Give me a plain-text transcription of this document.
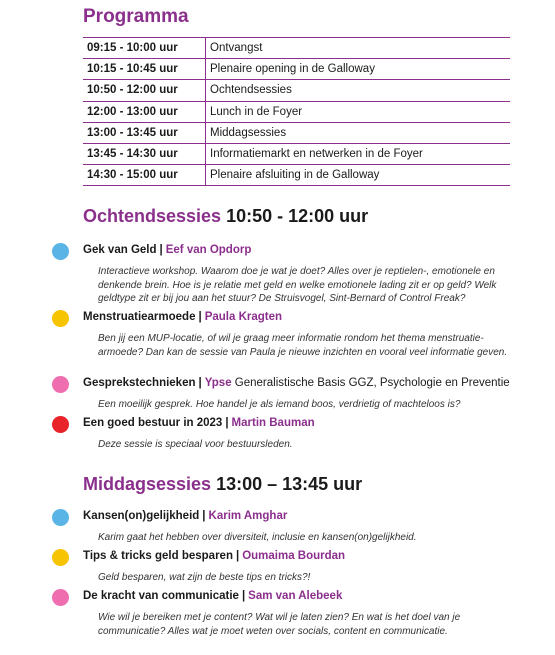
Programma
09:15 - 10:00 uur	Ontvangst
10:15 - 10:45 uur	Plenaire opening in de Galloway
10:50 - 12:00 uur	Ochtendsessies
12:00 - 13:00 uur	Lunch in de Foyer
13:00 - 13:45 uur	Middagsessies
13:45 - 14:30 uur	Informatiemarkt en netwerken in de Foyer
14:30 - 15:00 uur	Plenaire afsluiting in de Galloway
Ochtendsessies 10:50 - 12:00 uur
Gek van Geld | Eef van Opdorp
Interactieve workshop. Waarom doe je wat je doet? Alles over je reptielen-, emotionele en denkende brein. Hoe is je relatie met geld en welke emotionele lading zit er op geld? Welk geldtype zit er bij jou aan het stuur? De Struisvogel, Sint-Bernard of Control Freak?
Menstruatiearmoede | Paula Kragten
Ben jij een MUP-locatie, of wil je graag meer informatie rondom het thema menstruatie-armoede? Dan kan de sessie van Paula je nieuwe inzichten en vooral veel informatie geven.
Gesprekstechnieken | Ypse Generalistische Basis GGZ, Psychologie en Preventie
Een moeilijk gesprek. Hoe handel je als iemand boos, verdrietig of machteloos is?
Een goed bestuur in 2023 | Martin Bauman
Deze sessie is speciaal voor bestuursleden.
Middagsessies 13:00 – 13:45 uur
Kansen(on)gelijkheid | Karim Amghar
Karim gaat het hebben over diversiteit, inclusie en kansen(on)gelijkheid.
Tips & tricks geld besparen | Oumaima Bourdan
Geld besparen, wat zijn de beste tips en tricks?!
De kracht van communicatie | Sam van Alebeek
Wie wil je bereiken met je content? Wat wil je laten zien? En wat is het doel van je communicatie? Alles wat je moet weten over socials, content en communicatie.
